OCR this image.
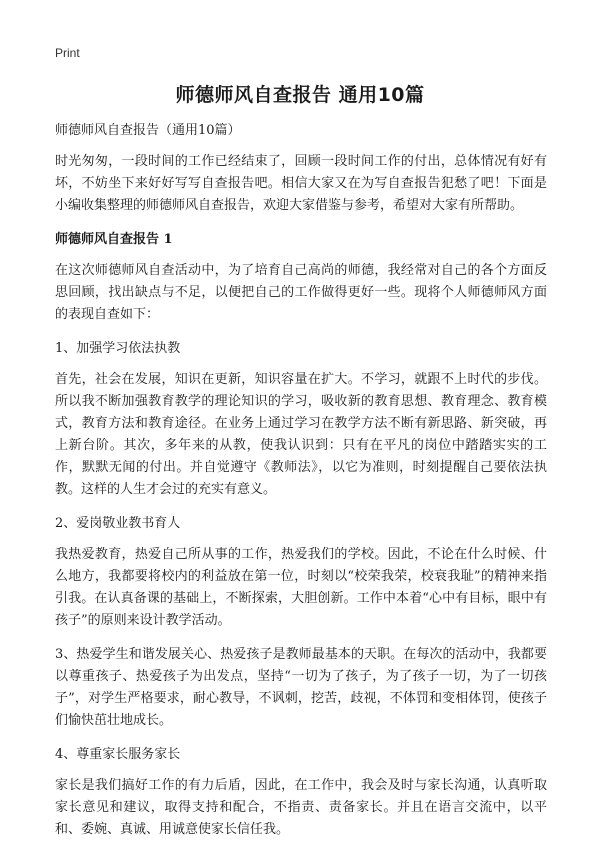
Print
师德师风自查报告 通用10篇

师德师风自查报告（通用10篇）

时光匆匆，一段时间的工作已经结束了，回顾一段时间工作的付出，总体情况有好有坏，不妨坐下来好好写写自查报告吧。相信大家又在为写自查报告犯愁了吧！下面是小编收集整理的师德师风自查报告，欢迎大家借鉴与参考，希望对大家有所帮助。

师德师风自查报告 1

在这次师德师风自查活动中，为了培育自己高尚的师德，我经常对自己的各个方面反思回顾，找出缺点与不足，以便把自己的工作做得更好一些。现将个人师德师风方面的表现自查如下：

1、加强学习依法执教

首先，社会在发展，知识在更新，知识容量在扩大。不学习，就跟不上时代的步伐。所以我不断加强教育教学的理论知识的学习，吸收新的教育思想、教育理念、教育模式，教育方法和教育途径。在业务上通过学习在教学方法不断有新思路、新突破，再上新台阶。其次，多年来的从教，使我认识到：只有在平凡的岗位中踏踏实实的工作，默默无闻的付出。并自觉遵守《教师法》，以它为准则，时刻提醒自己要依法执教。这样的人生才会过的充实有意义。

2、爱岗敬业教书育人

我热爱教育，热爱自己所从事的工作，热爱我们的学校。因此，不论在什么时候、什么地方，我都要将校内的利益放在第一位，时刻以“校荣我荣，校衰我耻”的精神来指引我。在认真备课的基础上，不断探索，大胆创新。工作中本着“心中有目标，眼中有孩子”的原则来设计教学活动。

3、热爱学生和谐发展关心、热爱孩子是教师最基本的天职。在每次的活动中，我都要以尊重孩子、热爱孩子为出发点，坚持“一切为了孩子，为了孩子一切，为了一切孩子”，对学生严格要求，耐心教导，不讽刺，挖苦，歧视，不体罚和变相体罚，使孩子们愉快茁壮地成长。

4、尊重家长服务家长

家长是我们搞好工作的有力后盾，因此，在工作中，我会及时与家长沟通，认真听取家长意见和建议，取得支持和配合，不指责、责备家长。并且在语言交流中，以平和、委婉、真诚、用诚意使家长信任我。
